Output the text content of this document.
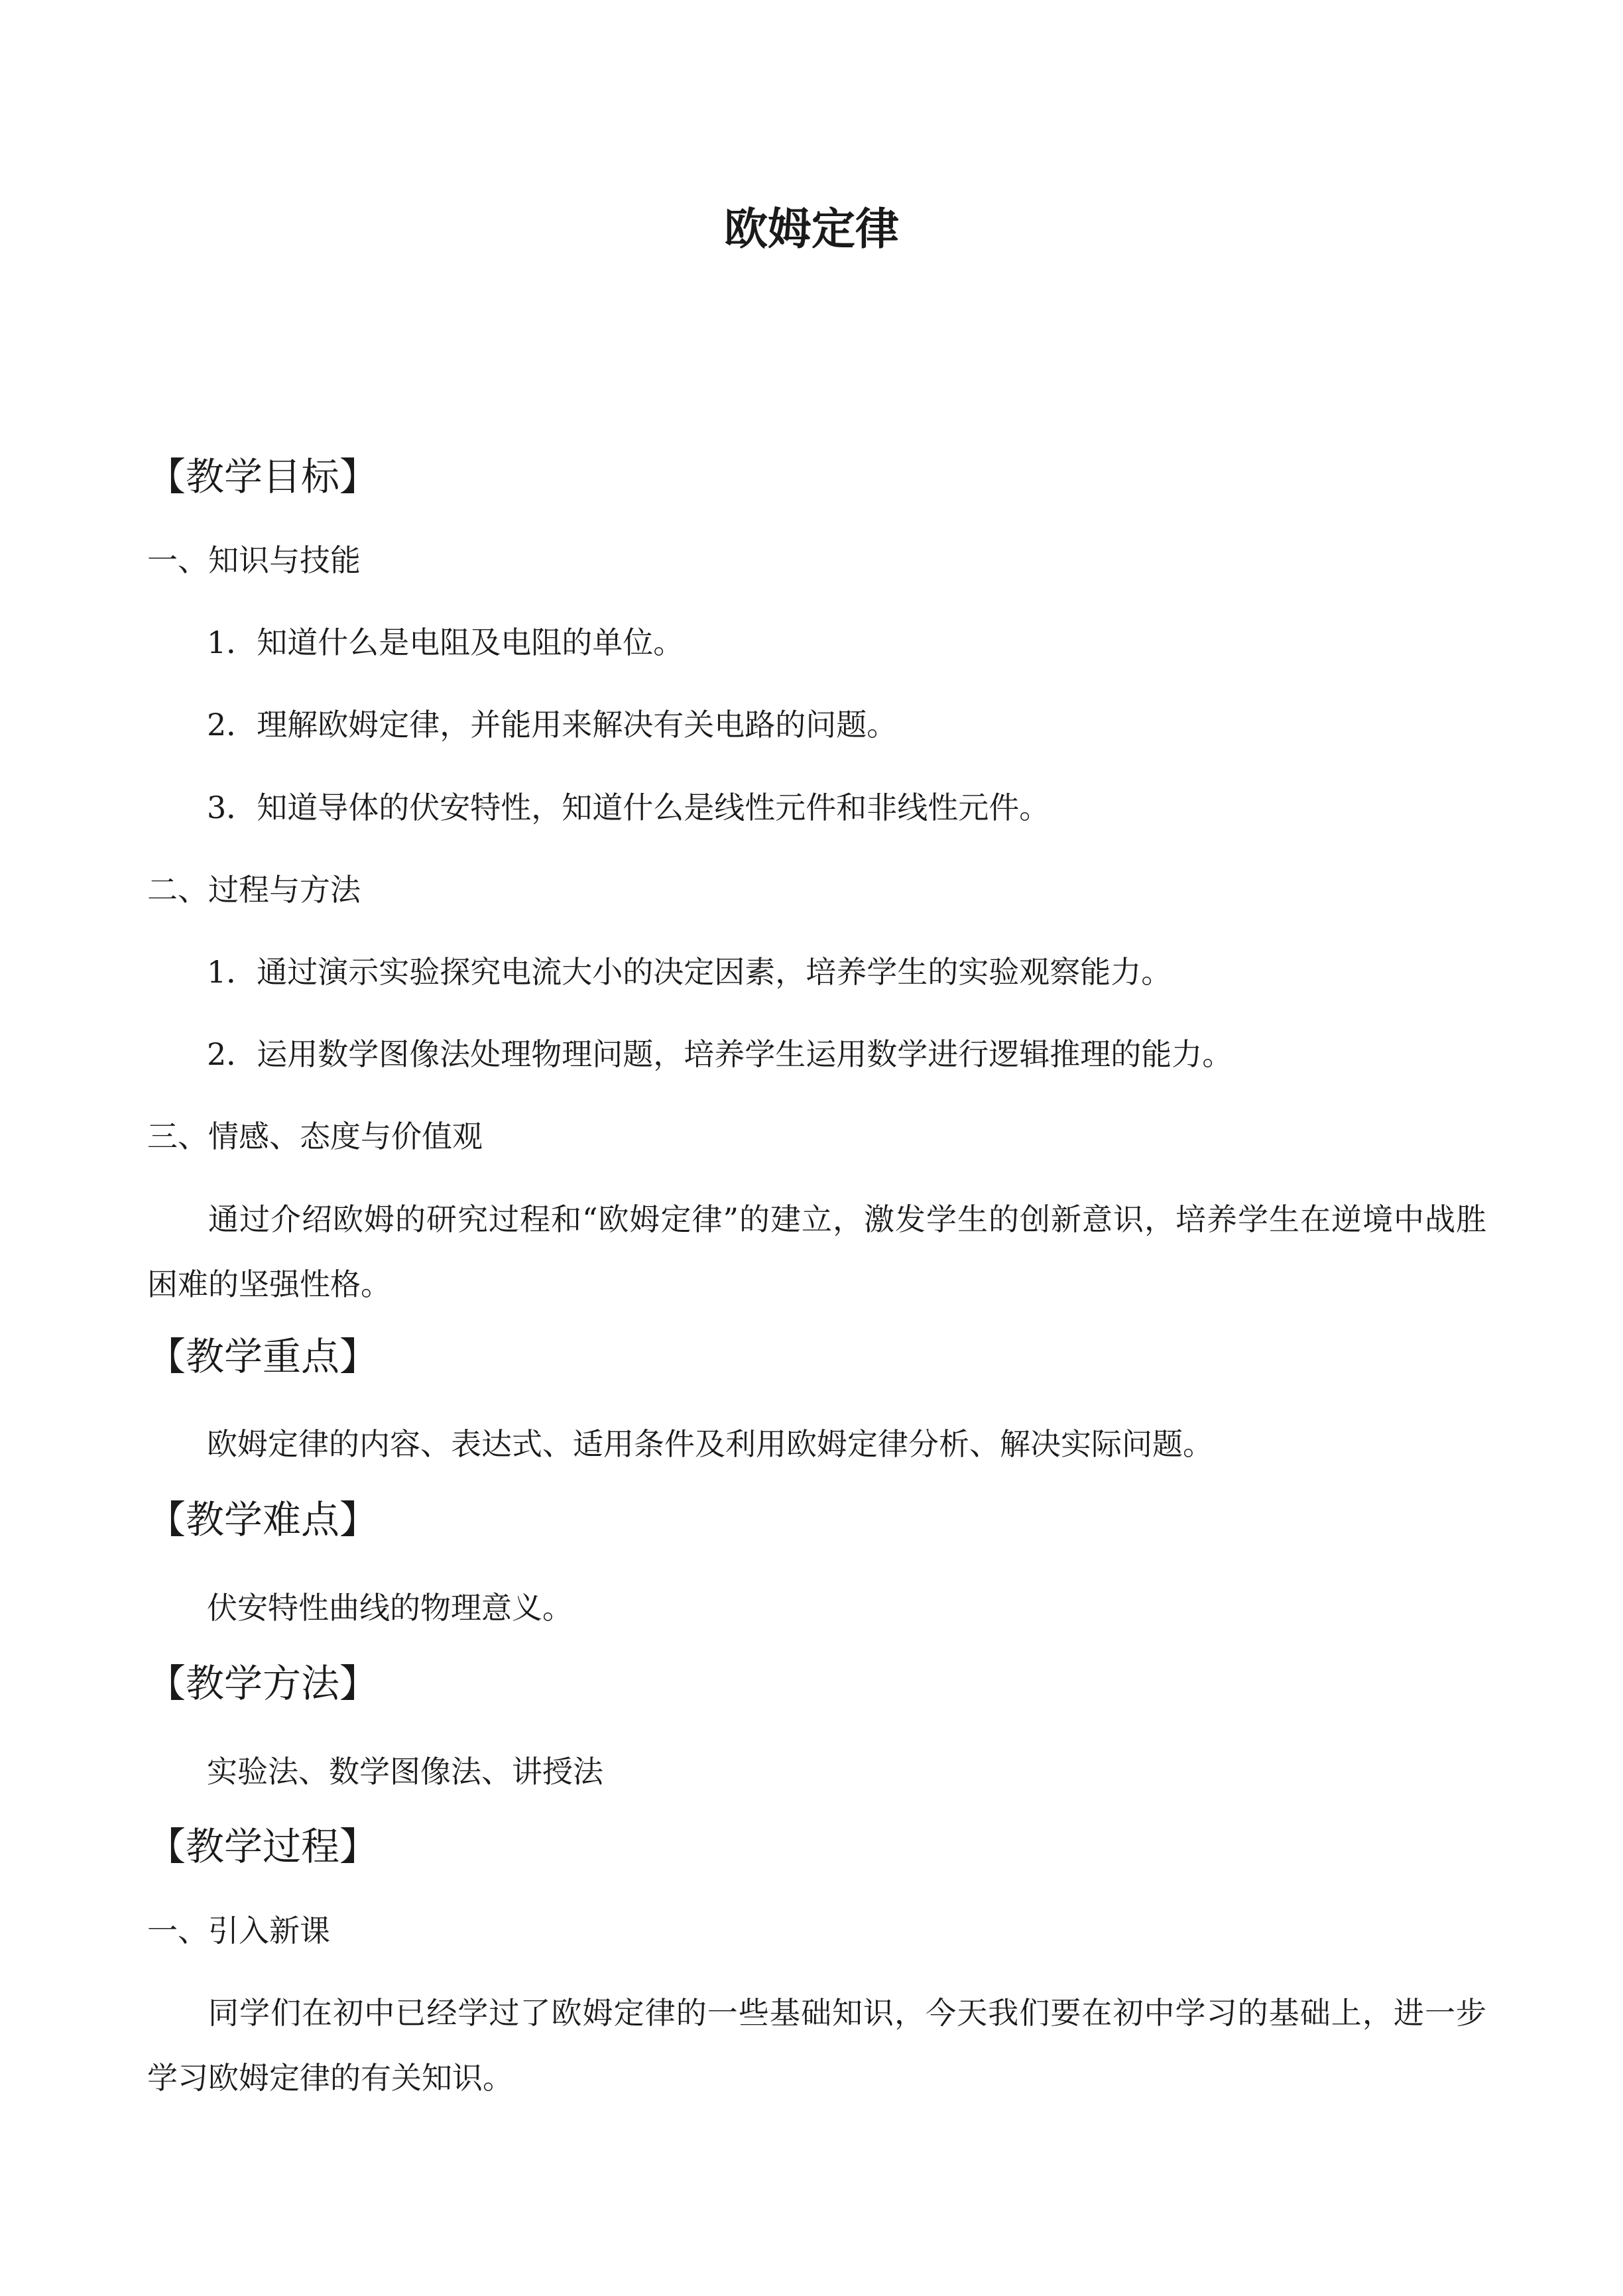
欧姆定律
【教学目标】
一、知识与技能
1．知道什么是电阻及电阻的单位。
2．理解欧姆定律，并能用来解决有关电路的问题。
3．知道导体的伏安特性，知道什么是线性元件和非线性元件。
二、过程与方法
1．通过演示实验探究电流大小的决定因素，培养学生的实验观察能力。
2．运用数学图像法处理物理问题，培养学生运用数学进行逻辑推理的能力。
三、情感、态度与价值观

通过介绍欧姆的研究过程和“欧姆定律”的建立，激发学生的创新意识，培养学生在逆境中战胜困难的坚强性格。

【教学重点】
欧姆定律的内容、表达式、适用条件及利用欧姆定律分析、解决实际问题。
【教学难点】
伏安特性曲线的物理意义。
【教学方法】
实验法、数学图像法、讲授法
【教学过程】
一、引入新课

同学们在初中已经学过了欧姆定律的一些基础知识，今天我们要在初中学习的基础上，进一步学习欧姆定律的有关知识。
